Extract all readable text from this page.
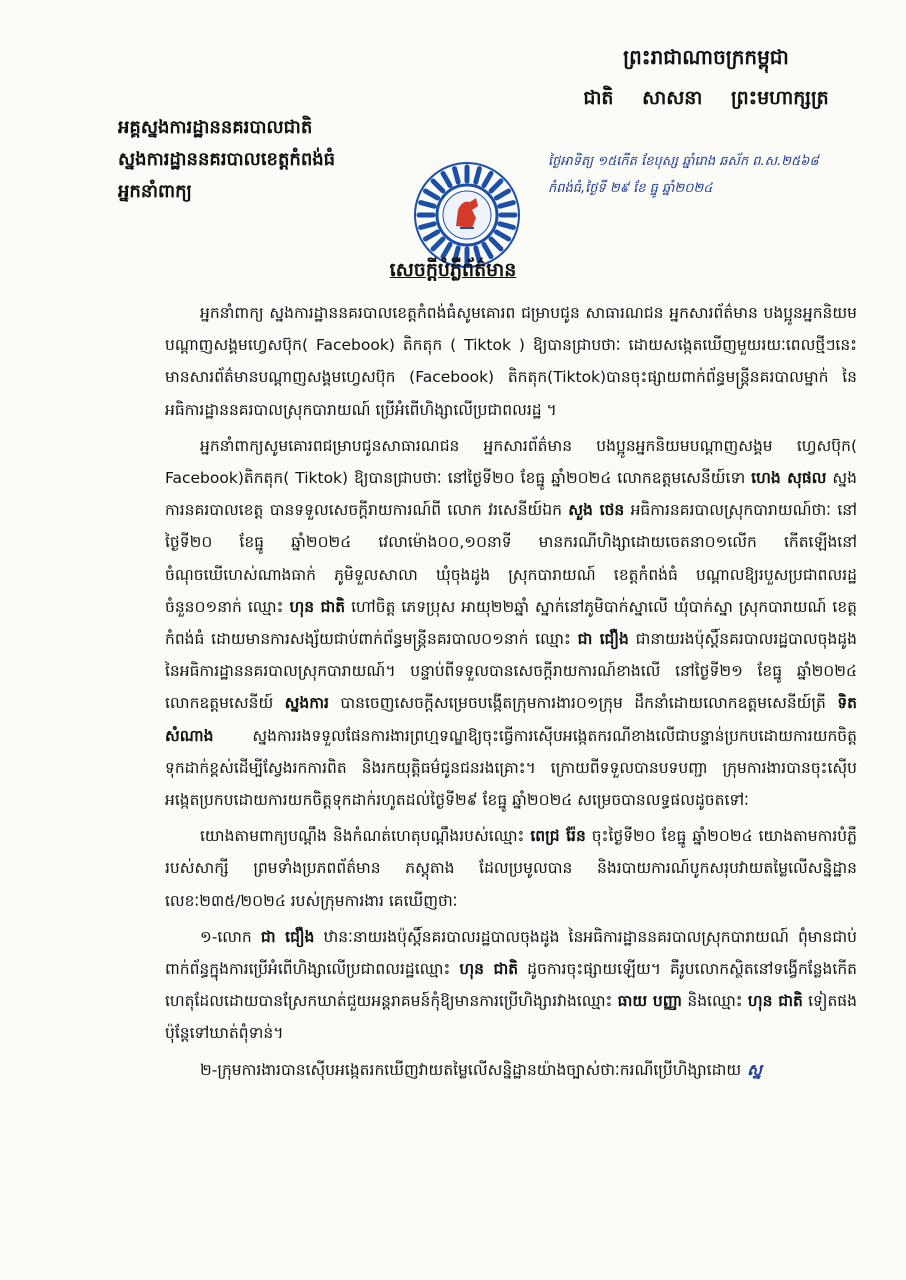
ព្រះរាជាណាចក្រកម្ពុជា
ជាតិ សាសនា ព្រះមហាក្សត្រ
អគ្គស្នងការដ្ឋាននគរបាលជាតិ
ស្នងការដ្ឋាននគរបាលខេត្តកំពង់ធំ
អ្នកនាំពាក្យ
ថ្ងៃអាទិត្យ ១៥កើត ខែបុស្ស ឆ្នាំរោង ឆស័ក ព.ស.២៥៦៨
កំពង់ធំ,ថ្ងៃទី ២៩ ខែ ធ្នូ ឆ្នាំ២០២៤
សេចក្តីបំភ្លឺព័ត៌មាន

អ្នកនាំពាក្យ ស្នងការដ្ឋាននគរបាលខេត្តកំពង់ធំសូមគោរព ជម្រាបជូន សាធារណជន អ្នកសារព័ត៌មាន បងប្អូនអ្នកនិយមបណ្តាញសង្គមហ្វេសប៊ុក( Facebook) តិកតុក ( Tiktok ) ឱ្យបានជ្រាបថាៈ ដោយសង្កេតឃើញមួយរយៈពេលថ្មីៗនេះមានសារព័ត៌មានបណ្តាញសង្គមហ្វេសប៊ុក (Facebook) តិកតុក(Tiktok)បានចុះផ្សាយពាក់ព័ន្ធមន្ត្រីនគរបាលម្នាក់ នៃអធិការដ្ឋាននគរបាលស្រុកបារាយណ៍ ប្រើអំពើហិង្សាលើប្រជាពលរដ្ឋ ។

អ្នកនាំពាក្យសូមគោរពជម្រាបជូនសាធារណជន អ្នកសារព័ត៌មាន បងប្អូនអ្នកនិយមបណ្តាញសង្គម ហ្វេសប៊ុក( Facebook)តិកតុក( Tiktok) ឱ្យបានជ្រាបថាៈ នៅថ្ងៃទី២០ ខែធ្នូ ឆ្នាំ២០២៤ លោកឧត្តមសេនីយ៍ទោ ហេង សុផល ស្នងការនគរបាលខេត្ត បានទទួលសេចក្តីរាយការណ៍ពី លោក វរសេនីយ៍ឯក សួង ថេន អធិការនគរបាលស្រុកបារាយណ៍ថាៈ នៅថ្ងៃទី២០ ខែធ្នូ ឆ្នាំ២០២៤ វេលាម៉ោង០០,១០នាទី មានករណីហិង្សាដោយចេតនា០១លើក កើតឡើងនៅចំណុចឃើហេស់ណាងធាក់ ភូមិទួលសាលា ឃុំចុងដូង ស្រុកបារាយណ៍ ខេត្តកំពង់ធំ បណ្តាលឱ្យរបួសប្រជាពលរដ្ឋចំនួន០១នាក់ ឈ្មោះ ហុន ជាតិ ហៅចិត្ត ភេទប្រុស អាយុ២២ឆ្នាំ ស្នាក់នៅភូមិបាក់ស្នាលើ ឃុំបាក់ស្នា ស្រុកបារាយណ៍ ខេត្តកំពង់ធំ ដោយមានការសង្ស័យជាប់ពាក់ព័ន្ធមន្ត្រីនគរបាល០១នាក់ ឈ្មោះ ជា ជឿង ជានាយរងប៉ុស្តិ៍នគរបាលរដ្ឋបាលចុងដូង នៃអធិការដ្ឋាននគរបាលស្រុកបារាយណ៍។ បន្ទាប់ពីទទួលបានសេចក្តីរាយការណ៍ខាងលើ នៅថ្ងៃទី២១ ខែធ្នូ ឆ្នាំ២០២៤ លោកឧត្តមសេនីយ៍ ស្នងការ បានចេញសេចក្តីសម្រេចបង្កើតក្រុមការងារ០១ក្រុម ដឹកនាំដោយលោកឧត្តមសេនីយ៍ត្រី ទិត សំណាង ស្នងការរងទទួលផែនការងារព្រហ្មទណ្ឌឱ្យចុះធ្វើការស៊ើបអង្កេតករណីខាងលើជាបន្ទាន់ប្រកបដោយការយកចិត្តទុកដាក់ខ្ពស់ដើម្បីស្វែងរកការពិត និងរកយុត្តិធម៌ជូនជនរងគ្រោះ។ ក្រោយពីទទួលបានបទបញ្ជា ក្រុមការងារបានចុះស៊ើបអង្កេតប្រកបដោយការយកចិត្តទុកដាក់រហូតដល់ថ្ងៃទី២៩ ខែធ្នូ ឆ្នាំ២០២៤ សម្រេចបានលទ្ធផលដូចតទៅៈ

យោងតាមពាក្យបណ្តឹង និងកំណត់ហេតុបណ្តឹងរបស់ឈ្មោះ ពេជ្រ រ៉ែន ចុះថ្ងៃទី២០ ខែធ្នូ ឆ្នាំ២០២៤ យោងតាមការបំភ្លឺរបស់សាក្សី ព្រមទាំងប្រភពព័ត៌មាន ភស្តុតាង ដែលប្រមូលបាន និងរបាយការណ៍បូកសរុបវាយតម្លៃលើសន្និដ្ឋានលេខៈ២៣៥/២០២៤ របស់ក្រុមការងារ គេឃើញថាៈ

១-លោក ជា ជឿង ឋានៈនាយរងប៉ុស្តិ៍នគរបាលរដ្ឋបាលចុងដូង នៃអធិការដ្ឋាននគរបាលស្រុកបារាយណ៍ ពុំមានជាប់ពាក់ព័ន្ធក្នុងការប្រើអំពើហិង្សាលើប្រជាពលរដ្ឋឈ្មោះ ហុន ជាតិ ដូចការចុះផ្សាយឡើយ។ គឺរូបលោកស្ថិតនៅទង្វើកន្លែងកើតហេតុដែលដោយបានស្រែកឃាត់ជួយអន្តរាគមន៍កុំឱ្យមានការប្រើហិង្សារវាងឈ្មោះ ធាយ បញ្ញា និងឈ្មោះ ហុន ជាតិ ទៀតផង ប៉ុន្តែទៅឃាត់ពុំទាន់។

២-ក្រុមការងារបានស៊ើបអង្កេតរកឃើញវាយតម្លៃលើសន្និដ្ឋានយ៉ាងច្បាស់ថាៈករណីប្រើហិង្សាដោយ ស្ន
